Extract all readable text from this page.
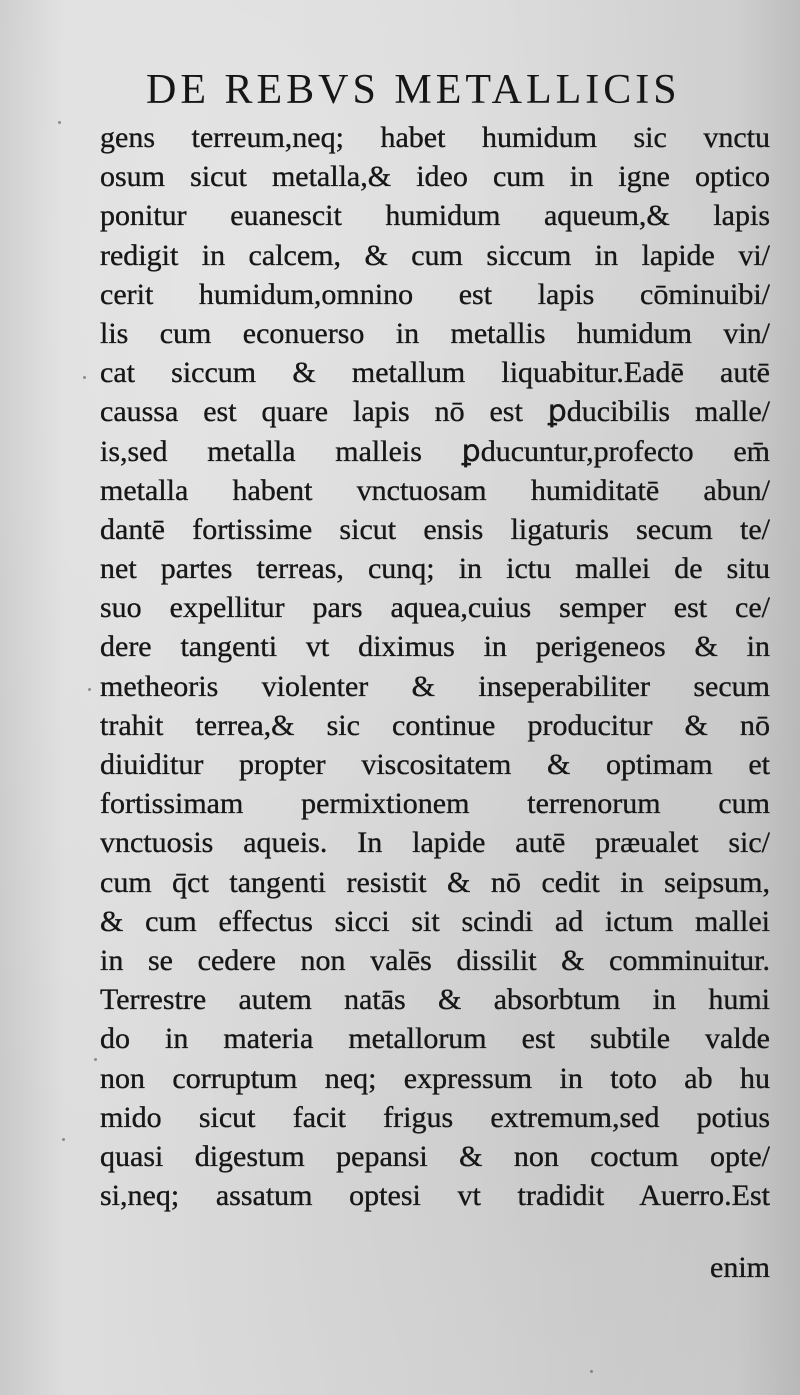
DE REBVS METALLICIS
gens terreum,neq; habet humidum sic vnctu
osum sicut metalla,& ideo cum in igne optico
ponitur euanescit humidum aqueum,& lapis
redigit in calcem, & cum siccum in lapide vi/
cerit humidum,omnino est lapis cōminuibi/
lis cum econuerso in metallis humidum vin/
cat siccum & metallum liquabitur.Eadē autē
caussa est quare lapis nō est ꝑducibilis malle/
is,sed metalla malleis ꝑducuntur,profecto em̄
metalla habent vnctuosam humiditatē abun/
dantē fortissime sicut ensis ligaturis secum te/
net partes terreas, cunq; in ictu mallei de situ
suo expellitur pars aquea,cuius semper est ce/
dere tangenti vt diximus in perigeneos & in
metheoris violenter & inseperabiliter secum
trahit terrea,& sic continue producitur & nō
diuiditur propter viscositatem & optimam et
fortissimam permixtionem terrenorum cum
vnctuosis aqueis. In lapide autē præualet sic/
cum q̄ct tangenti resistit & nō cedit in seipsum,
& cum effectus sicci sit scindi ad ictum mallei
in se cedere non valēs dissilit & comminuitur.
Terrestre autem natās & absorbtum in humi
do in materia metallorum est subtile valde
non corruptum neq; expressum in toto ab hu
mido sicut facit frigus extremum,sed potius
quasi digestum pepansi & non coctum opte/
si,neq; assatum optesi vt tradidit Auerro.Est
enim
